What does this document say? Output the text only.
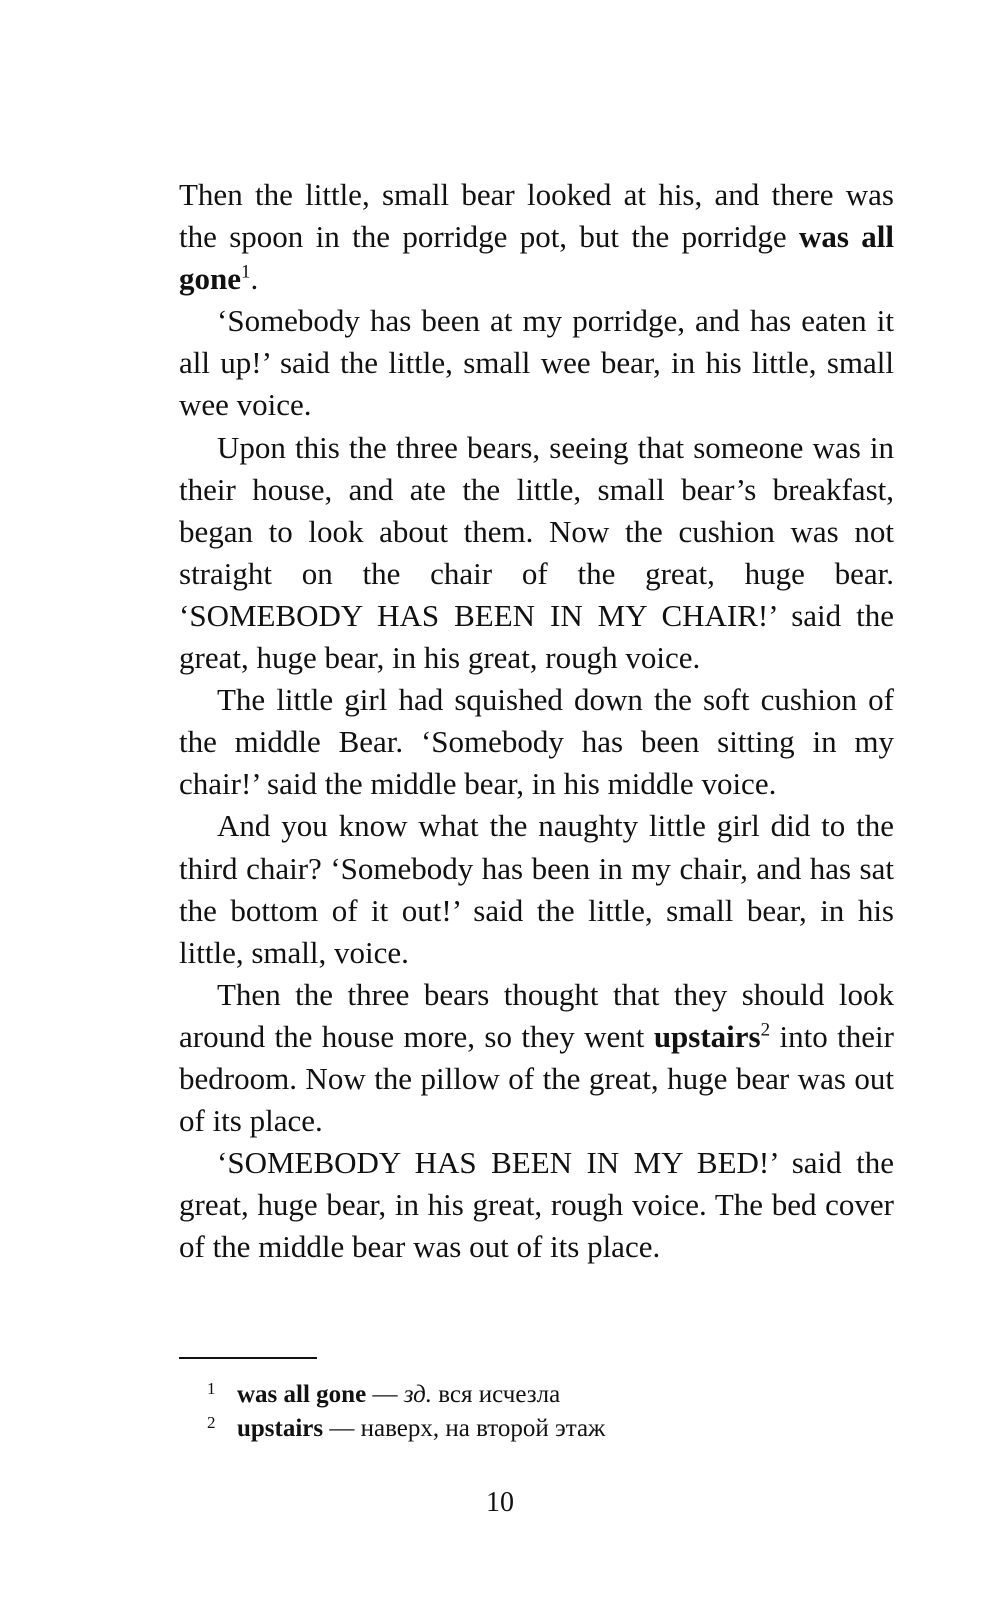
Then the little, small bear looked at his, and there was the spoon in the porridge pot, but the porridge was all gone$^1$.

‘Somebody has been at my porridge, and has eaten it all up!’ said the little, small wee bear, in his little, small wee voice.

Upon this the three bears, seeing that someone was in their house, and ate the little, small bear’s breakfast, began to look about them. Now the cushion was not straight on the chair of the great, huge bear. ‘SOMEBODY HAS BEEN IN MY CHAIR!’ said the great, huge bear, in his great, rough voice.

The little girl had squished down the soft cushion of the middle Bear. ‘Somebody has been sitting in my chair!’ said the middle bear, in his middle voice.

And you know what the naughty little girl did to the third chair? ‘Somebody has been in my chair, and has sat the bottom of it out!’ said the little, small bear, in his little, small, voice.

Then the three bears thought that they should look around the house more, so they went upstairs$^2$ into their bedroom. Now the pillow of the great, huge bear was out of its place.

‘SOMEBODY HAS BEEN IN MY BED!’ said the great, huge bear, in his great, rough voice. The bed cover of the middle bear was out of its place.

1 was all gone — зд. вся исчезла

2 upstairs — наверх, на второй этаж

10
